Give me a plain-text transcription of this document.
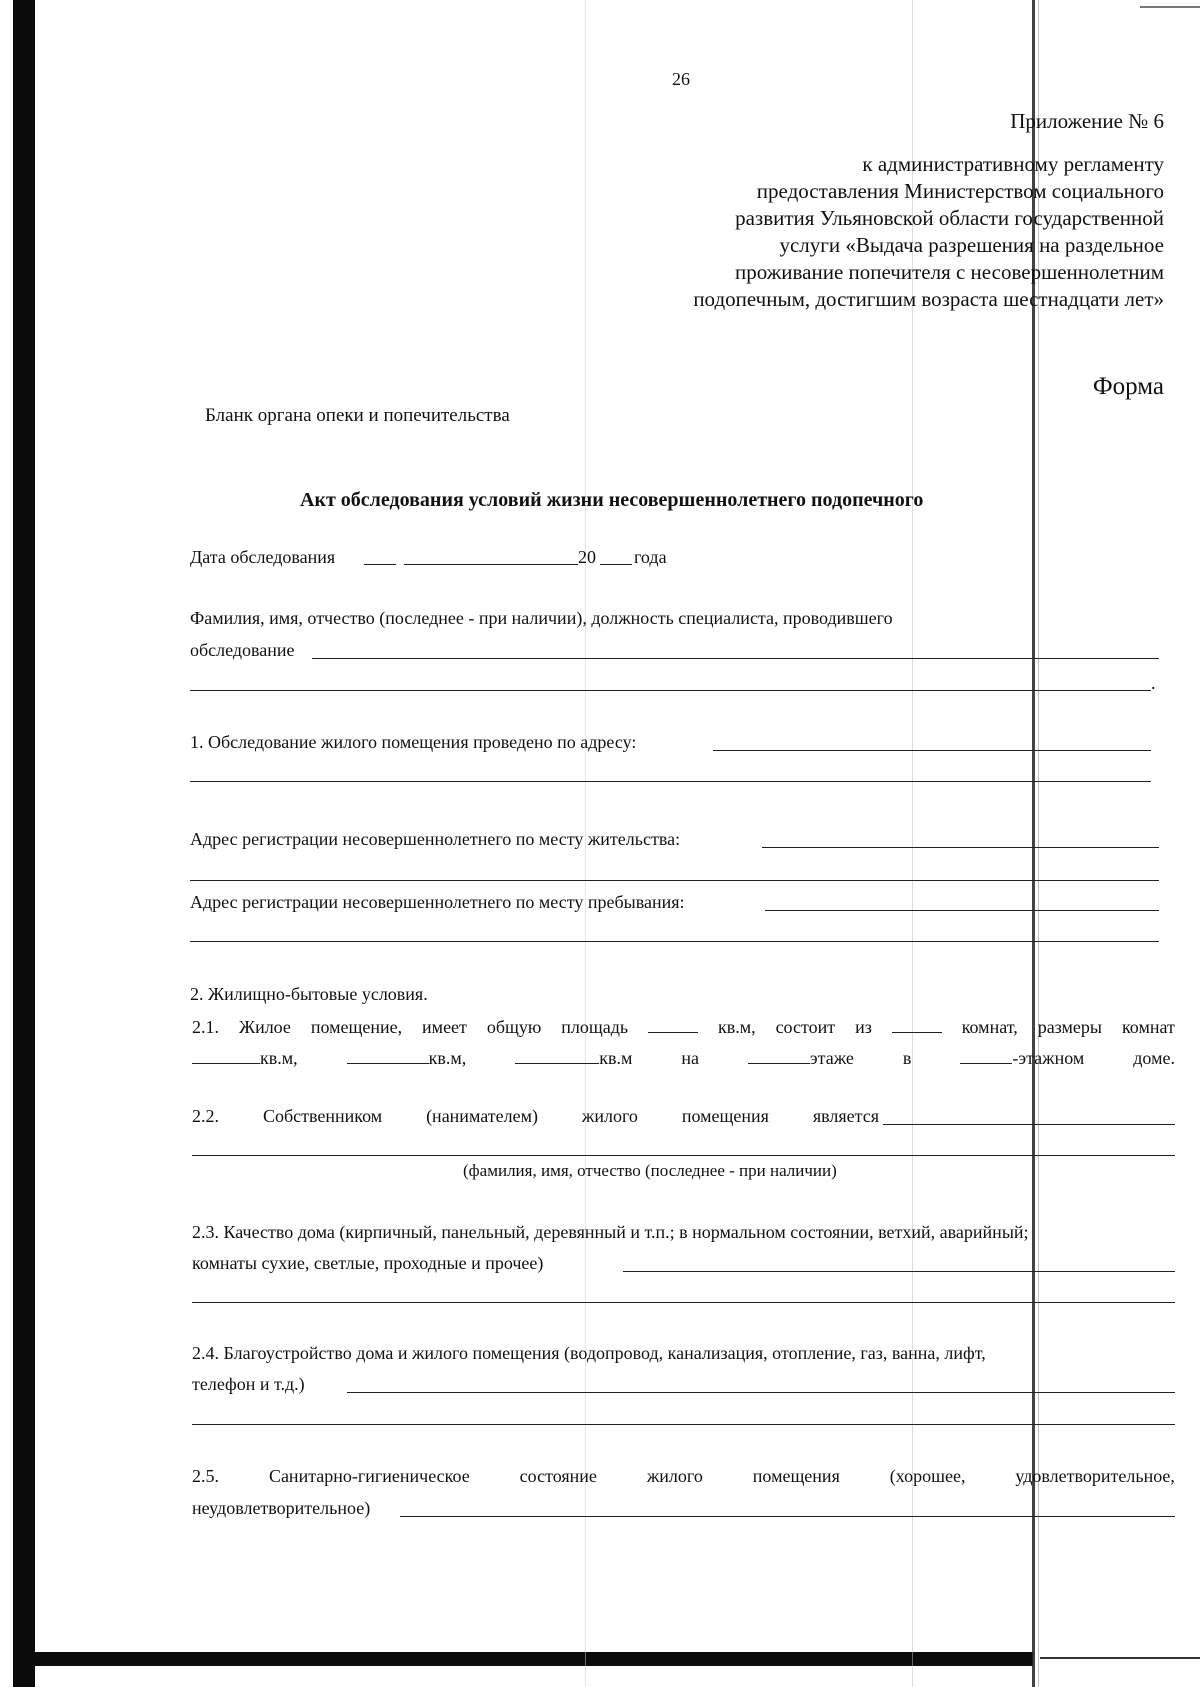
26
Приложение № 6
к административному регламенту
предоставления Министерством социального
развития Ульяновской области государственной
услуги «Выдача разрешения на раздельное
проживание попечителя с несовершеннолетним
подопечным, достигшим возраста шестнадцати лет»
Форма
Бланк органа опеки и попечительства
Акт обследования условий жизни несовершеннолетнего подопечного
Дата обследования	20 года
Фамилия, имя, отчество (последнее - при наличии), должность специалиста, проводившего
обследование
.
1. Обследование жилого помещения проведено по адресу:
Адрес регистрации несовершеннолетнего по месту жительства:
Адрес регистрации несовершеннолетнего по месту пребывания:
2. Жилищно-бытовые условия.
2.1. Жилое помещение, имеет общую площадь	кв.м, состоит из	комнат, размеры комнат
кв.м,	кв.м,	кв.м	на	этаже	в	-этажном	доме.
2.2. Собственником (нанимателем) жилого помещения является
(фамилия, имя, отчество (последнее - при наличии)
2.3. Качество дома (кирпичный, панельный, деревянный и т.п.; в нормальном состоянии, ветхий, аварийный;
комнаты сухие, светлые, проходные и прочее)
2.4. Благоустройство дома и жилого помещения (водопровод, канализация, отопление, газ, ванна, лифт,
телефон и т.д.)
2.5.	Санитарно-гигиеническое	состояние	жилого	помещения	(хорошее,	удовлетворительное,
неудовлетворительное)
